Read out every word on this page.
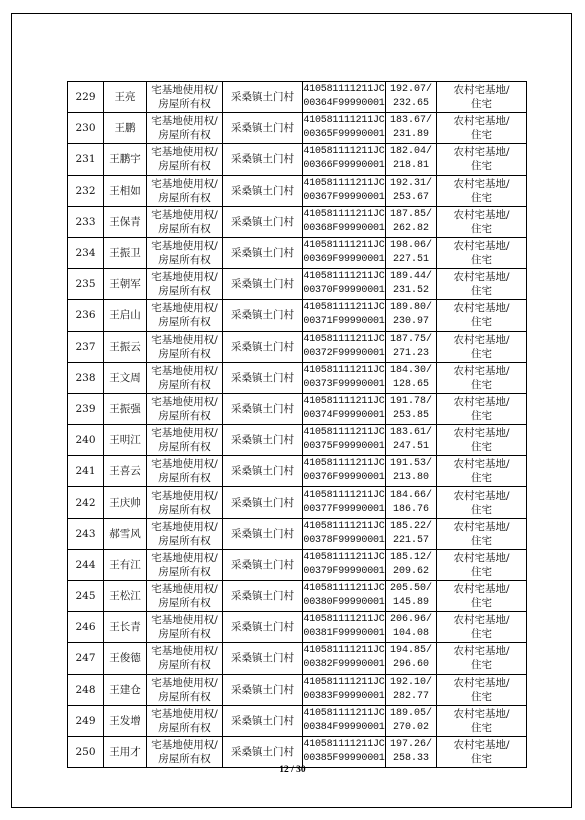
229	王亮	宅基地使用权/
房屋所有权	采桑镇土门村	410581111211JC
00364F99990001	192.07/
232.65	农村宅基地/
住宅

230	王鹏	宅基地使用权/
房屋所有权	采桑镇土门村	410581111211JC
00365F99990001	183.67/
231.89	农村宅基地/
住宅

231	王鹏宇	宅基地使用权/
房屋所有权	采桑镇土门村	410581111211JC
00366F99990001	182.04/
218.81	农村宅基地/
住宅

232	王相如	宅基地使用权/
房屋所有权	采桑镇土门村	410581111211JC
00367F99990001	192.31/
253.67	农村宅基地/
住宅

233	王保青	宅基地使用权/
房屋所有权	采桑镇土门村	410581111211JC
00368F99990001	187.85/
262.82	农村宅基地/
住宅

234	王振卫	宅基地使用权/
房屋所有权	采桑镇土门村	410581111211JC
00369F99990001	198.06/
227.51	农村宅基地/
住宅

235	王朝军	宅基地使用权/
房屋所有权	采桑镇土门村	410581111211JC
00370F99990001	189.44/
231.52	农村宅基地/
住宅

236	王启山	宅基地使用权/
房屋所有权	采桑镇土门村	410581111211JC
00371F99990001	189.80/
230.97	农村宅基地/
住宅

237	王振云	宅基地使用权/
房屋所有权	采桑镇土门村	410581111211JC
00372F99990001	187.75/
271.23	农村宅基地/
住宅

238	王文周	宅基地使用权/
房屋所有权	采桑镇土门村	410581111211JC
00373F99990001	184.30/
128.65	农村宅基地/
住宅

239	王振强	宅基地使用权/
房屋所有权	采桑镇土门村	410581111211JC
00374F99990001	191.78/
253.85	农村宅基地/
住宅

240	王明江	宅基地使用权/
房屋所有权	采桑镇土门村	410581111211JC
00375F99990001	183.61/
247.51	农村宅基地/
住宅

241	王喜云	宅基地使用权/
房屋所有权	采桑镇土门村	410581111211JC
00376F99990001	191.53/
213.80	农村宅基地/
住宅

242	王庆帅	宅基地使用权/
房屋所有权	采桑镇土门村	410581111211JC
00377F99990001	184.66/
186.76	农村宅基地/
住宅

243	郝雪风	宅基地使用权/
房屋所有权	采桑镇土门村	410581111211JC
00378F99990001	185.22/
221.57	农村宅基地/
住宅

244	王有江	宅基地使用权/
房屋所有权	采桑镇土门村	410581111211JC
00379F99990001	185.12/
209.62	农村宅基地/
住宅

245	王松江	宅基地使用权/
房屋所有权	采桑镇土门村	410581111211JC
00380F99990001	205.50/
145.89	农村宅基地/
住宅

246	王长青	宅基地使用权/
房屋所有权	采桑镇土门村	410581111211JC
00381F99990001	206.96/
104.08	农村宅基地/
住宅

247	王俊德	宅基地使用权/
房屋所有权	采桑镇土门村	410581111211JC
00382F99990001	194.85/
296.60	农村宅基地/
住宅

248	王建仓	宅基地使用权/
房屋所有权	采桑镇土门村	410581111211JC
00383F99990001	192.10/
282.77	农村宅基地/
住宅

249	王发增	宅基地使用权/
房屋所有权	采桑镇土门村	410581111211JC
00384F99990001	189.05/
270.02	农村宅基地/
住宅

250	王用才	宅基地使用权/
房屋所有权	采桑镇土门村	410581111211JC
00385F99990001	197.26/
258.33	农村宅基地/
住宅
12 / 30
